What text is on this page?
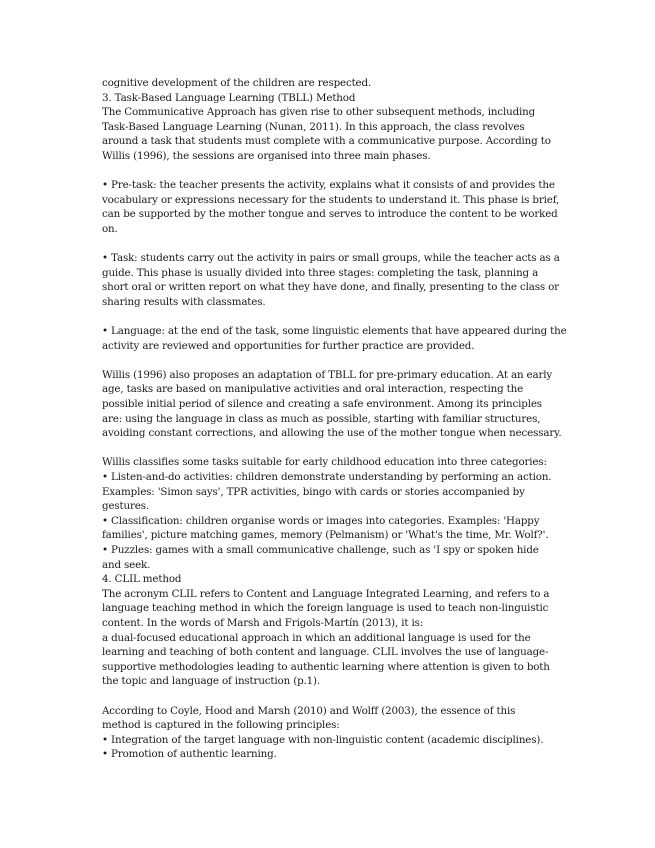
cognitive development of the children are respected.
3. Task-Based Language Learning (TBLL) Method
The Communicative Approach has given rise to other subsequent methods, including
Task-Based Language Learning (Nunan, 2011). In this approach, the class revolves
around a task that students must complete with a communicative purpose. According to
Willis (1996), the sessions are organised into three main phases.
• Pre-task: the teacher presents the activity, explains what it consists of and provides the
vocabulary or expressions necessary for the students to understand it. This phase is brief,
can be supported by the mother tongue and serves to introduce the content to be worked
on.
• Task: students carry out the activity in pairs or small groups, while the teacher acts as a
guide. This phase is usually divided into three stages: completing the task, planning a
short oral or written report on what they have done, and finally, presenting to the class or
sharing results with classmates.
• Language: at the end of the task, some linguistic elements that have appeared during the
activity are reviewed and opportunities for further practice are provided.
Willis (1996) also proposes an adaptation of TBLL for pre-primary education. At an early
age, tasks are based on manipulative activities and oral interaction, respecting the
possible initial period of silence and creating a safe environment. Among its principles
are: using the language in class as much as possible, starting with familiar structures,
avoiding constant corrections, and allowing the use of the mother tongue when necessary.
Willis classifies some tasks suitable for early childhood education into three categories:
• Listen-and-do activities: children demonstrate understanding by performing an action.
Examples: 'Simon says', TPR activities, bingo with cards or stories accompanied by
gestures.
• Classification: children organise words or images into categories. Examples: 'Happy
families', picture matching games, memory (Pelmanism) or 'What's the time, Mr. Wolf?'.
• Puzzles: games with a small communicative challenge, such as 'I spy or spoken hide
and seek.
4. CLIL method
The acronym CLIL refers to Content and Language Integrated Learning, and refers to a
language teaching method in which the foreign language is used to teach non-linguistic
content. In the words of Marsh and Frigols-Martín (2013), it is:
a dual-focused educational approach in which an additional language is used for the
learning and teaching of both content and language. CLIL involves the use of language-
supportive methodologies leading to authentic learning where attention is given to both
the topic and language of instruction (p.1).
According to Coyle, Hood and Marsh (2010) and Wolff (2003), the essence of this
method is captured in the following principles:
• Integration of the target language with non-linguistic content (academic disciplines).
• Promotion of authentic learning.
